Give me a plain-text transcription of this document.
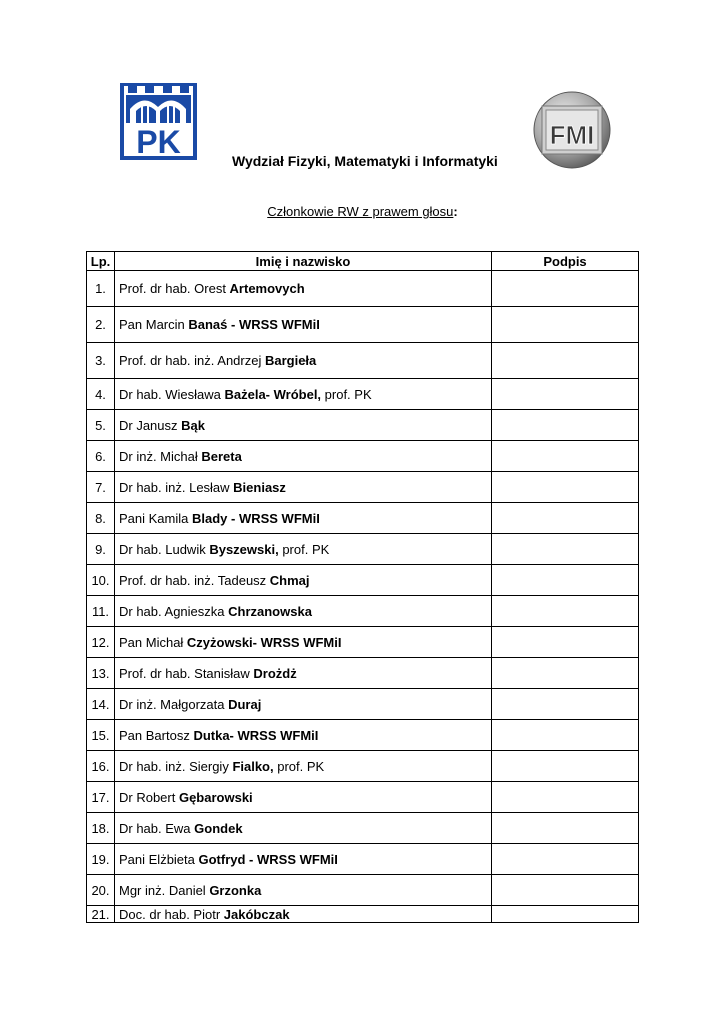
PK
Wydział Fizyki, Matematyki i Informatyki
FMI
Członkowie RW z prawem głosu:
Lp.	Imię i nazwisko	Podpis
1.	Prof. dr hab. Orest Artemovych	
2.	Pan Marcin Banaś - WRSS WFMiI	
3.	Prof. dr hab. inż. Andrzej Bargieła	
4.	Dr hab. Wiesława Bażela- Wróbel, prof. PK	
5.	Dr Janusz Bąk	
6.	Dr inż. Michał Bereta	
7.	Dr hab. inż. Lesław Bieniasz	
8.	Pani Kamila Blady - WRSS WFMiI	
9.	Dr hab. Ludwik Byszewski, prof. PK	
10.	Prof. dr hab. inż. Tadeusz Chmaj	
11.	Dr hab. Agnieszka Chrzanowska	
12.	Pan Michał Czyżowski- WRSS WFMiI	
13.	Prof. dr hab. Stanisław Drożdż	
14.	Dr inż. Małgorzata Duraj	
15.	Pan Bartosz Dutka- WRSS WFMiI	
16.	Dr hab. inż. Siergiy Fialko, prof. PK	
17.	Dr Robert Gębarowski	
18.	Dr hab. Ewa Gondek	
19.	Pani Elżbieta Gotfryd - WRSS WFMiI	
20.	Mgr inż. Daniel Grzonka	
21.	Doc. dr hab. Piotr Jakóbczak	
